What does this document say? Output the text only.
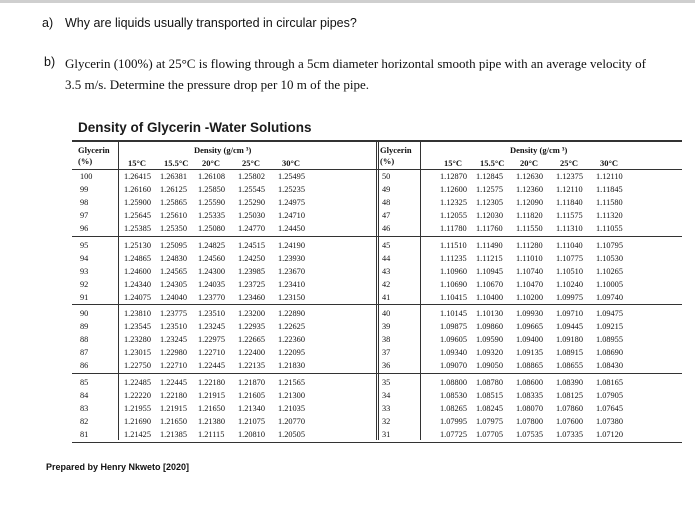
a) Why are liquids usually transported in circular pipes?
b) Glycerin (100%) at 25°C is flowing through a 5cm diameter horizontal smooth pipe with an average velocity of 3.5 m/s. Determine the pressure drop per 10 m of the pipe.
Density of Glycerin -Water Solutions
Glycerin
(%)
Density (g/cm ³)
15°C 15.5°C 20°C	25°C	30°C
100	1.26415 1.26381 1.26108 1.25802 1.25495
99	1.26160 1.26125 1.25850 1.25545 1.25235
98	1.25900 1.25865 1.25590 1.25290 1.24975
97	1.25645 1.25610 1.25335 1.25030 1.24710
96	1.25385 1.25350 1.25080 1.24770 1.24450
95	1.25130 1.25095 1.24825 1.24515 1.24190
94	1.24865 1.24830 1.24560 1.24250 1.23930
93	1.24600 1.24565 1.24300 1.23985 1.23670
92	1.24340 1.24305 1.24035 1.23725 1.23410
91	1.24075 1.24040 1.23770 1.23460 1.23150
90	1.23810 1.23775 1.23510 1.23200 1.22890
89	1.23545 1.23510 1.23245 1.22935 1.22625
88	1.23280 1.23245 1.22975 1.22665 1.22360
87	1.23015 1.22980 1.22710 1.22400 1.22095
86	1.22750 1.22710 1.22445 1.22135 1.21830
85	1.22485 1.22445 1.22180 1.21870 1.21565
84	1.22220 1.22180 1.21915 1.21605 1.21300
83	1.21955 1.21915 1.21650 1.21340 1.21035
82	1.21690 1.21650 1.21380 1.21075 1.20770
81	1.21425 1.21385 1.21115 1.20810 1.20505
Glycerin
(%)
Density (g/cm ³)
15°C 15.5°C 20°C	25°C	30°C
50	1.12870 1.12845 1.12630 1.12375 1.12110
49	1.12600 1.12575 1.12360 1.12110 1.11845
48	1.12325 1.12305 1.12090 1.11840 1.11580
47	1.12055 1.12030 1.11820 1.11575 1.11320
46	1.11780 1.11760 1.11550 1.11310 1.11055
45	1.11510 1.11490 1.11280 1.11040 1.10795
44	1.11235 1.11215 1.11010 1.10775 1.10530
43	1.10960 1.10945 1.10740 1.10510 1.10265
42	1.10690 1.10670 1.10470 1.10240 1.10005
41	1.10415 1.10400 1.10200 1.09975 1.09740
40	1.10145 1.10130 1.09930 1.09710 1.09475
39	1.09875 1.09860 1.09665 1.09445 1.09215
38	1.09605 1.09590 1.09400 1.09180 1.08955
37	1.09340 1.09320 1.09135 1.08915 1.08690
36	1.09070 1.09050 1.08865 1.08655 1.08430
35	1.08800 1.08780 1.08600 1.08390 1.08165
34	1.08530 1.08515 1.08335 1.08125 1.07905
33	1.08265 1.08245 1.08070 1.07860 1.07645
32	1.07995 1.07975 1.07800 1.07600 1.07380
31	1.07725 1.07705 1.07535 1.07335 1.07120
Prepared by Henry Nkweto [2020]
